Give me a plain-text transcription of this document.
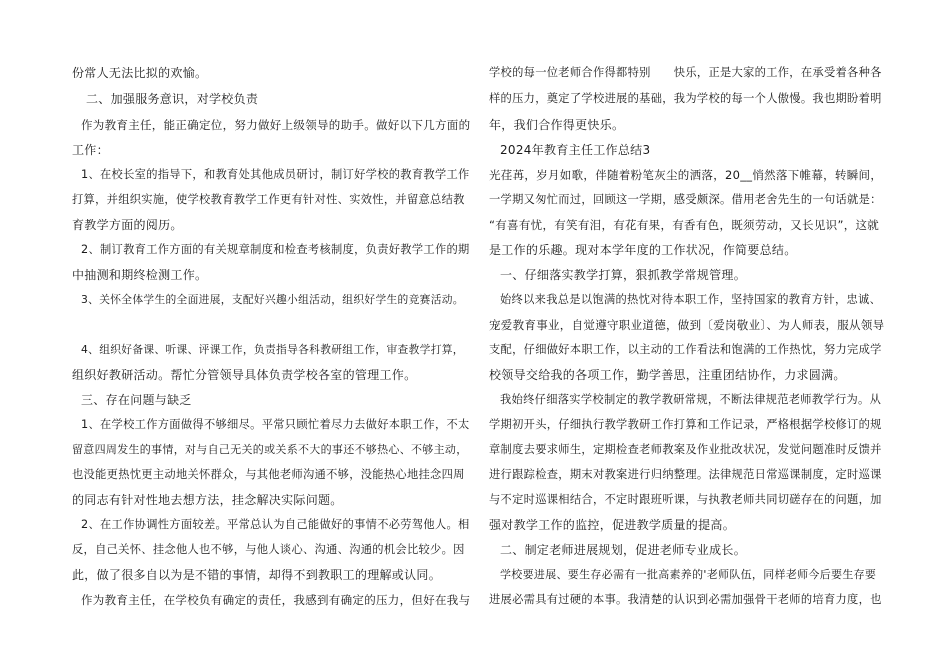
份常人无法比拟的欢愉。
二、加强服务意识，对学校负责
作为教育主任，能正确定位，努力做好上级领导的助手。做好以下几方面的
工作：
1、在校长室的指导下，和教育处其他成员研讨，制订好学校的教育教学工作
打算，并组织实施，使学校教育教学工作更有针对性、实效性，并留意总结教
育教学方面的阅历。
2、制订教育工作方面的有关规章制度和检查考核制度，负责好教学工作的期
中抽测和期终检测工作。
3、关怀全体学生的全面进展，支配好兴趣小组活动，组织好学生的竞赛活动。
4、组织好备课、听课、评课工作，负责指导各科教研组工作，审查教学打算，
组织好教研活动。帮忙分管领导具体负责学校各室的管理工作。
三、存在问题与缺乏
1、在学校工作方面做得不够细尽。平常只顾忙着尽力去做好本职工作，不太
留意四周发生的事情，对与自己无关的或关系不大的事还不够热心、不够主动，
也没能更热忱更主动地关怀群众，与其他老师沟通不够，没能热心地挂念四周
的同志有针对性地去想方法，挂念解决实际问题。
2、在工作协调性方面较差。平常总认为自己能做好的事情不必劳驾他人。相
反，自己关怀、挂念他人也不够，与他人谈心、沟通、沟通的机会比较少。因
此，做了很多自以为是不错的事情，却得不到教职工的理解或认同。
作为教育主任，在学校负有确定的责任，我感到有确定的压力，但好在我与
学校的每一位老师合作得都特别　　快乐，正是大家的工作，在承受着各种各
样的压力，奠定了学校进展的基础，我为学校的每一个人傲慢。我也期盼着明
年，我们合作得更快乐。
2024年教育主任工作总结3
光荏苒，岁月如歌，伴随着粉笔灰尘的洒落，20__悄然落下帷幕，转瞬间，
一学期又匆忙而过，回顾这一学期，感受颇深。借用老舍先生的一句话就是：
“有喜有忧，有笑有泪，有花有果，有香有色，既须劳动，又长见识”，这就
是工作的乐趣。现对本学年度的工作状况，作简要总结。
一、仔细落实教学打算，狠抓教学常规管理。
始终以来我总是以饱满的热忱对待本职工作，坚持国家的教育方针，忠诚、
宠爱教育事业，自觉遵守职业道德，做到〔爱岗敬业〕、为人师表，服从领导
支配，仔细做好本职工作，以主动的工作看法和饱满的工作热忱，努力完成学
校领导交给我的各项工作，勤学善思，注重团结协作，力求圆满。
我始终仔细落实学校制定的教学教研常规，不断法律规范老师教学行为。从
学期初开头，仔细执行教学教研工作打算和工作记录，严格根据学校修订的规
章制度去要求师生，定期检查老师教案及作业批改状况，发觉问题准时反馈并
进行跟踪检查，期末对教案进行归纳整理。法律规范日常巡课制度，定时巡课
与不定时巡课相结合，不定时跟班听课，与执教老师共同切磋存在的问题，加
强对教学工作的监控，促进教学质量的提高。
二、制定老师进展规划，促进老师专业成长。
学校要进展、要生存必需有一批高素养的'老师队伍，同样老师今后要生存要
进展必需具有过硬的本事。我清楚的认识到必需加强骨干老师的培育力度，也
